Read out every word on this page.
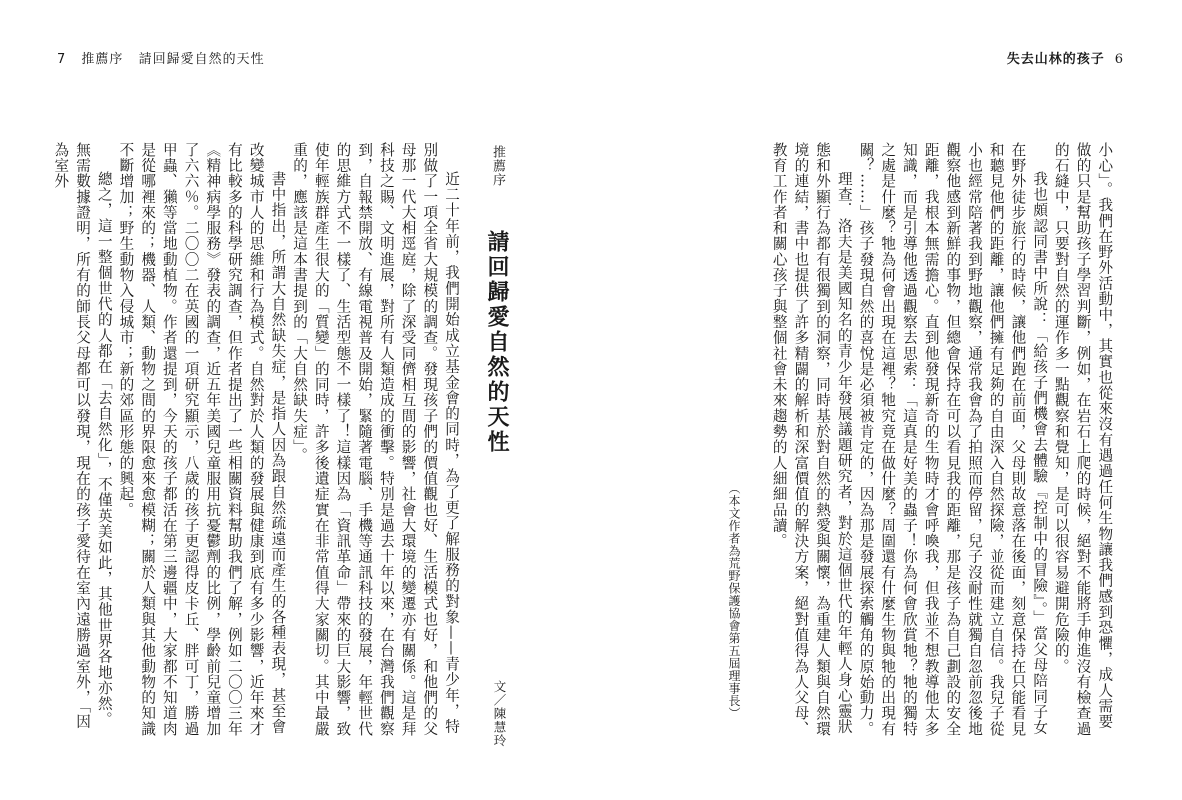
7 推薦序 請回歸愛自然的天性	失去山林的孩子 6

小心」。我們在野外活動中，其實也從來沒有遇過任何生物讓我們感到恐懼，成人需要做的只是幫助孩子學習判斷，例如，在岩石上爬的時候，絕對不能將手伸進沒有檢查過的石縫中，只要對自然的運作多一點觀察和覺知，是可以很容易避開危險的。

我也頗認同書中所說：「給孩子們機會去體驗『控制中的冒險』。」當父母陪同子女在野外徒步旅行的時候，讓他們跑在前面，父母則故意落在後面，刻意保持在只能看見和聽見他們的距離，讓他們擁有足夠的自由深入自然探險，並從而建立自信。我兒子從小也經常陪著我到野地觀察，通常我會為了拍照而停留，兒子沒耐性就獨自忽前忽後地觀察他感到新鮮的事物，但總會保持在可以看見我的距離，那是孩子為自己劃設的安全距離，我根本無需擔心。直到他發現新奇的生物時才會呼喚我，但我並不想教導他太多知識，而是引導他透過觀察去思索：「這真是好美的蟲子！你為何會欣賞牠？牠的獨特之處是什麼？牠為何會出現在這裡？牠究竟在做什麼？周圍還有什麼生物與牠的出現有關？……」孩子發現自然的喜悅是必須被肯定的，因為那是發展探索觸角的原始動力。

理查．洛夫是美國知名的青少年發展議題研究者，對於這個世代的年輕人身心靈狀態和外顯行為都有很獨到的洞察，同時基於對自然的熱愛與關懷，為重建人類與自然環境的連結，書中也提供了許多精闢的解析和深富價值的解決方案，絕對值得為人父母、教育工作者和關心孩子與整個社會未來趨勢的人細細品讀。

（本文作者為荒野保護協會第五屆理事長）
推薦序
請回歸愛自然的天性
文／陳慧玲

近二十年前，我們開始成立基金會的同時，為了更了解服務的對象——青少年，特別做了一項全省大規模的調查。發現孩子們的價值觀也好、生活模式也好，和他們的父母那一代大相逕庭，除了深受同儕相互間的影響，社會大環境的變遷亦有關係。這是拜科技之賜、文明進展，對所有人類造成的衝擊。特別是過去十年以來，在台灣我們觀察到，自報禁開放、有線電視普及開始，緊隨著電腦、手機等通訊科技的發展，年輕世代的思維方式不一樣了、生活型態不一樣了！這樣因為「資訊革命」帶來的巨大影響，致使年輕族群產生很大的「質變」的同時，許多後遺症實在非常值得大家關切。其中最嚴重的，應該是這本書提到的「大自然缺失症」。

書中指出，所謂大自然缺失症，是指人因為跟自然疏遠而產生的各種表現，甚至會改變城市人的思維和行為模式。自然對於人類的發展與健康到底有多少影響，近年來才有比較多的科學研究調查，但作者提出了一些相關資料幫助我們了解，例如二〇〇三年《精神病學服務》發表的調查，近五年美國兒童服用抗憂鬱劑的比例，學齡前兒童增加了六六％。二〇〇二在英國的一項研究顯示，八歲的孩子更認得皮卡丘、胖可丁，勝過甲蟲、獺等當地動植物。作者還提到，今天的孩子都活在第三邊疆中，大家都不知道肉是從哪裡來的；機器、人類、動物之間的界限愈來愈模糊；關於人類與其他動物的知識不斷增加；野生動物入侵城市；新的郊區形態的興起。

總之，這一整個世代的人都在「去自然化」，不僅英美如此，其他世界各地亦然。無需數據證明，所有的師長父母都可以發現，現在的孩子愛待在室內遠勝過室外，「因為室外
